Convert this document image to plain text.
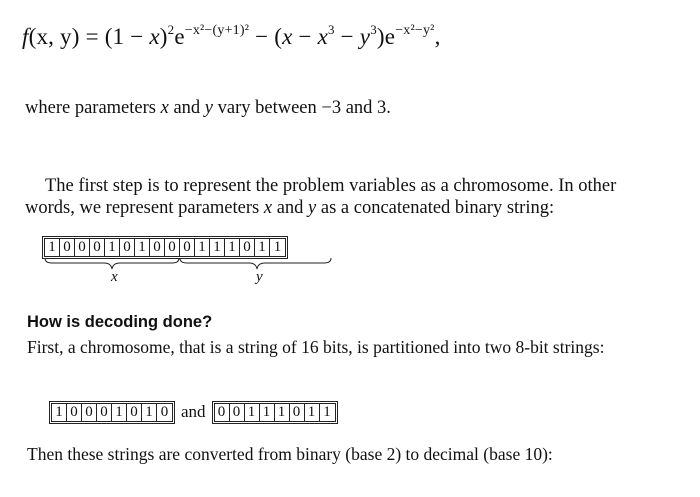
f(x, $y) = (1 - x)^2e^{-x^2-(y+1)^2} - (x - x^3 - y^3)e^{-x^2-y^2}$,
where parameters x and y vary between −3 and 3.
The first step is to represent the problem variables as a chromosome. In other
words, we represent parameters x and y as a concatenated binary string:
1 0 0 0 1 0 1 0 0 0 1 1 1 0 1 1
x	y
How is decoding done?
First, a chromosome, that is a string of 16 bits, is partitioned into two 8-bit strings:
1 0 0 0 1 0 1 0 and 0 0 1 1 1 0 1 1
Then these strings are converted from binary (base 2) to decimal (base 10):
